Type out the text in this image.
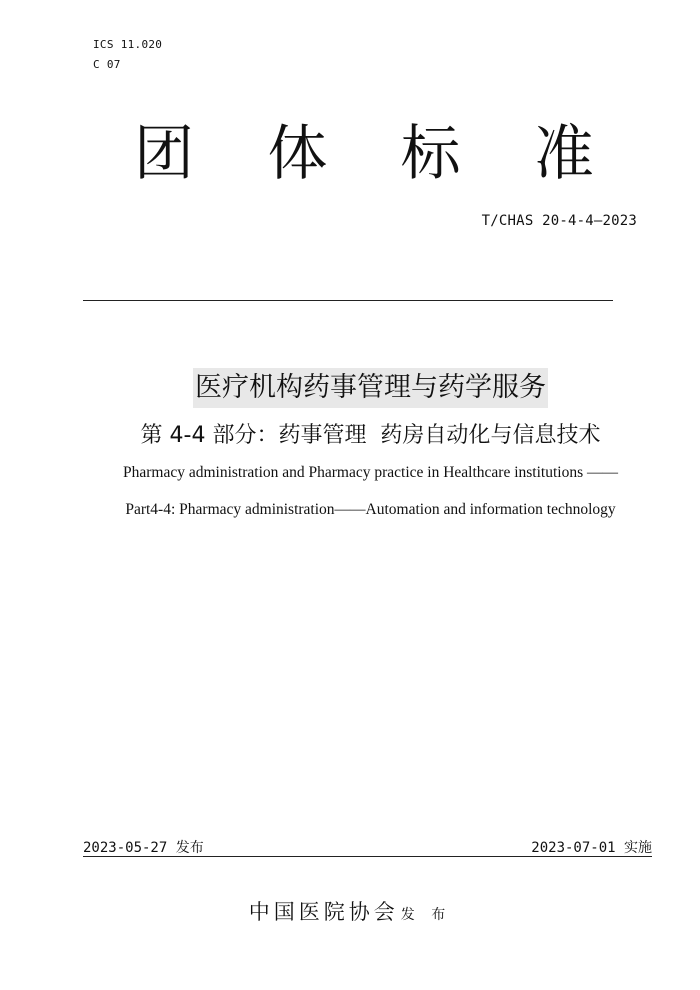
ICS 11.020
C 07
团 体 标 准
T/CHAS 20-4-4—2023
医疗机构药事管理与药学服务
第 4-4 部分：药事管理  药房自动化与信息技术
Pharmacy administration and Pharmacy practice in Healthcare institutions ——
Part4-4: Pharmacy administration——Automation and information technology
2023-05-27 发布	2023-07-01 实施
中国医院协会 发 布
